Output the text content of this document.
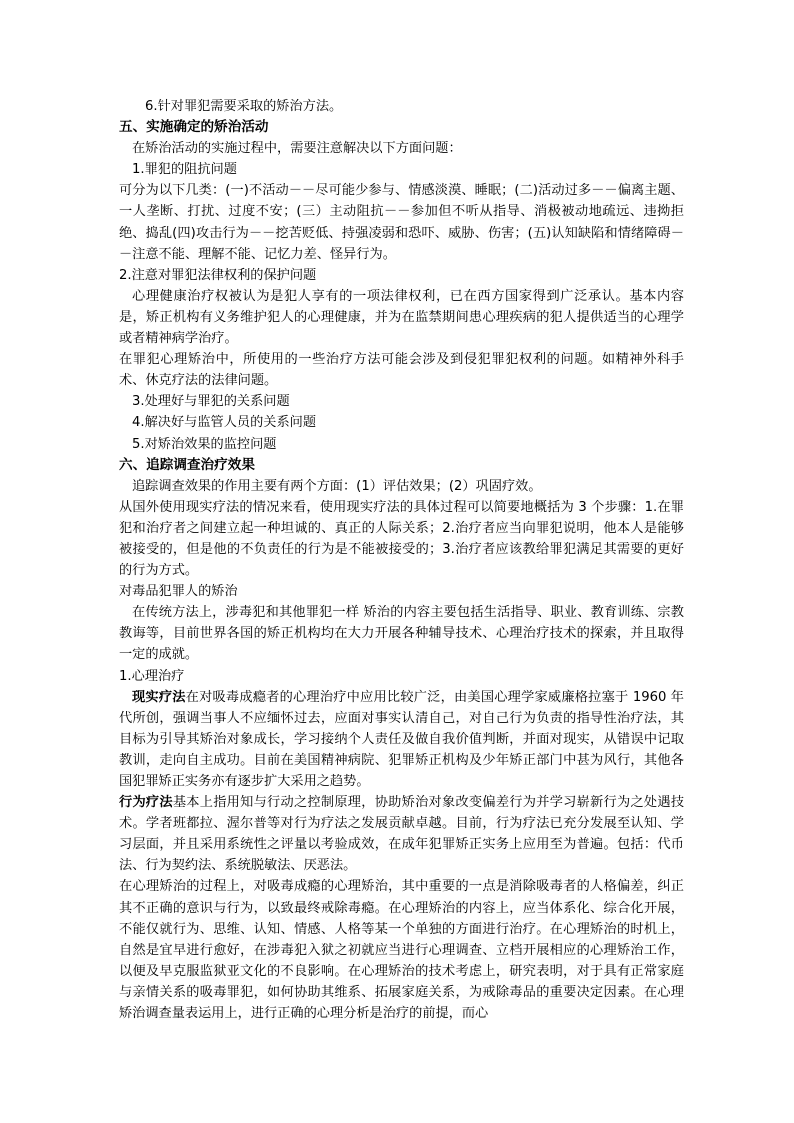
6.针对罪犯需要采取的矫治方法。

五、实施确定的矫治活动

在矫治活动的实施过程中，需要注意解决以下方面问题：

1.罪犯的阻抗问题

可分为以下几类：(一)不活动－－尽可能少参与、情感淡漠、睡眠；(二)活动过多－－偏离主题、一人垄断、打扰、过度不安；(三）主动阻抗－－参加但不听从指导、消极被动地疏远、违拗拒绝、捣乱(四)攻击行为－－挖苦贬低、持强凌弱和恐吓、威胁、伤害；(五)认知缺陷和情绪障碍－－注意不能、理解不能、记忆力差、怪异行为。

2.注意对罪犯法律权利的保护问题

心理健康治疗权被认为是犯人享有的一项法律权利，已在西方国家得到广泛承认。基本内容是，矫正机构有义务维护犯人的心理健康，并为在监禁期间患心理疾病的犯人提供适当的心理学或者精神病学治疗。

在罪犯心理矫治中，所使用的一些治疗方法可能会涉及到侵犯罪犯权利的问题。如精神外科手术、休克疗法的法律问题。

3.处理好与罪犯的关系问题

4.解决好与监管人员的关系问题

5.对矫治效果的监控问题

六、追踪调查治疗效果

追踪调查效果的作用主要有两个方面：(1）评估效果；(2）巩固疗效。

从国外使用现实疗法的情况来看，使用现实疗法的具体过程可以简要地概括为 3 个步骤：1.在罪犯和治疗者之间建立起一种坦诚的、真正的人际关系；2.治疗者应当向罪犯说明，他本人是能够被接受的，但是他的不负责任的行为是不能被接受的；3.治疗者应该教给罪犯满足其需要的更好的行为方式。

对毒品犯罪人的矫治

在传统方法上，涉毒犯和其他罪犯一样 矫治的内容主要包括生活指导、职业、教育训练、宗教教诲等，目前世界各国的矫正机构均在大力开展各种辅导技术、心理治疗技术的探索，并且取得一定的成就。

1.心理治疗

现实疗法在对吸毒成瘾者的心理治疗中应用比较广泛，由美国心理学家威廉格拉塞于 1960 年代所创，强调当事人不应缅怀过去，应面对事实认清自己，对自己行为负责的指导性治疗法，其目标为引导其矫治对象成长，学习接纳个人责任及做自我价值判断，并面对现实，从错误中记取教训，走向自主成功。目前在美国精神病院、犯罪矫正机构及少年矫正部门中甚为风行，其他各国犯罪矫正实务亦有逐步扩大采用之趋势。

行为疗法基本上指用知与行动之控制原理，协助矫治对象改变偏差行为并学习崭新行为之处遇技术。学者班都拉、渥尔普等对行为疗法之发展贡献卓越。目前，行为疗法已充分发展至认知、学习层面，并且采用系统性之评量以考验成效，在成年犯罪矫正实务上应用至为普遍。包括：代币法、行为契约法、系统脱敏法、厌恶法。

在心理矫治的过程上，对吸毒成瘾的心理矫治，其中重要的一点是消除吸毒者的人格偏差，纠正其不正确的意识与行为，以致最终戒除毒瘾。在心理矫治的内容上，应当体系化、综合化开展，不能仅就行为、思维、认知、情感、人格等某一个单独的方面进行治疗。在心理矫治的时机上，自然是宜早进行愈好，在涉毒犯入狱之初就应当进行心理调查、立档开展相应的心理矫治工作，以便及早克服监狱亚文化的不良影响。在心理矫治的技术考虑上，研究表明，对于具有正常家庭与亲情关系的吸毒罪犯，如何协助其维系、拓展家庭关系，为戒除毒品的重要决定因素。在心理矫治调查量表运用上，进行正确的心理分析是治疗的前提，而心
